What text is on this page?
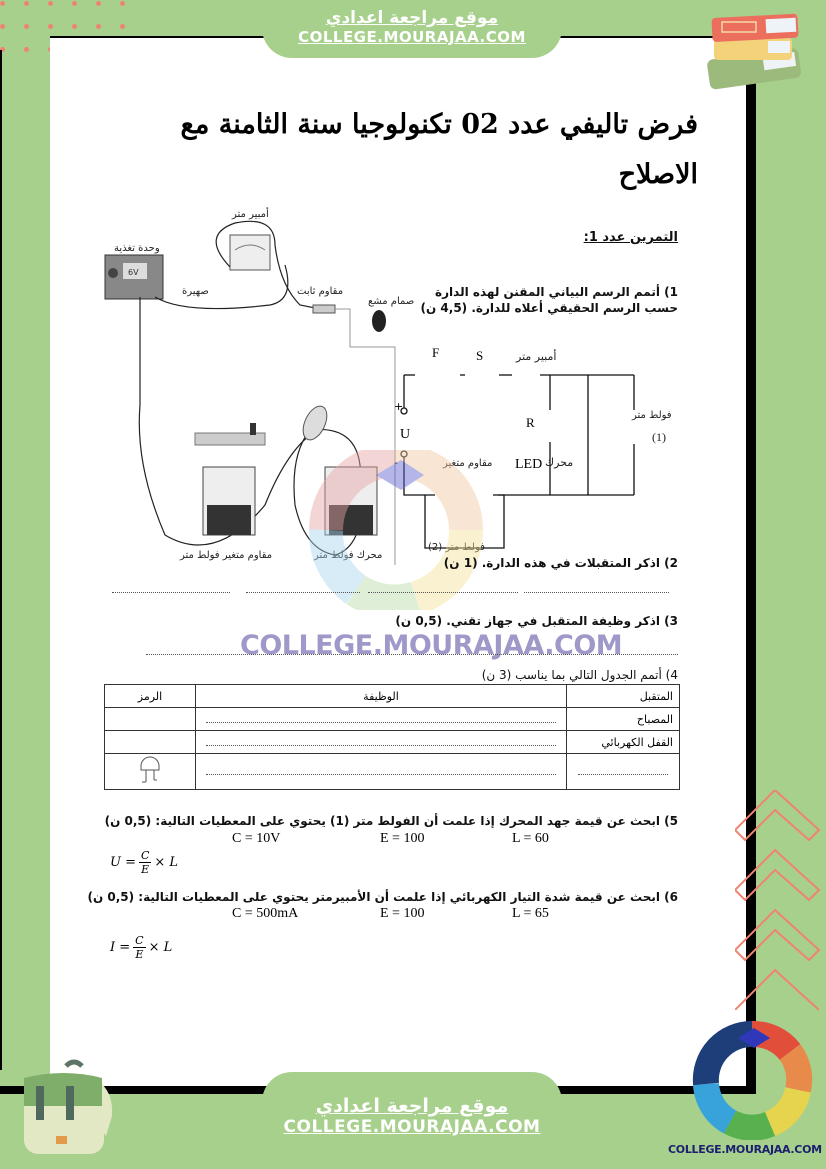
موقع مراجعة اعدادي
COLLEGE.MOURAJAA.COM
فرض تاليفي عدد 02 تكنولوجيا سنة الثامنة مع
الاصلاح
6V
وحدة تغذية
أمبير متر
صهيرة	مقاوم ثابت
صمام مشع
مقاوم متغير فولط متر	محرك فولط متر
التمرين عدد 1:
1) أتمم الرسم البياني المقنن لهذه الدارة حسب الرسم الحقيقي أعلاه للدارة. (4,5 ن)
F	S
+
U
-
R
LED
أمبير متر
محرك
مقاوم متغير
فولط متر
(1)
فولط متر (2)
2) اذكر المتقبلات في هذه الدارة. (1 ن)
3) اذكر وظيفة المتقبل في جهاز تقني. (0,5 ن)
COLLEGE.MOURAJAA.COM
4) أتمم الجدول التالي بما يناسب (3 ن)
المتقبل	الوظيفة	الرمز
المصباح		
القفل الكهربائي		

5) ابحث عن قيمة جهد المحرك إذا علمت أن الفولط متر (1) يحتوي على المعطيات التالية: (0,5 ن)
C = 10V	E = 100	L = 60
$U = \frac{C}{E} \times L$
6) ابحث عن قيمة شدة التيار الكهربائي إذا علمت أن الأمبيرمتر يحتوي على المعطيات التالية: (0,5 ن)
C = 500mA	E = 100	L = 65
$I = \frac{C}{E} \times L$
موقع مراجعة اعدادي
COLLEGE.MOURAJAA.COM
COLLEGE.MOURAJAA.COM
